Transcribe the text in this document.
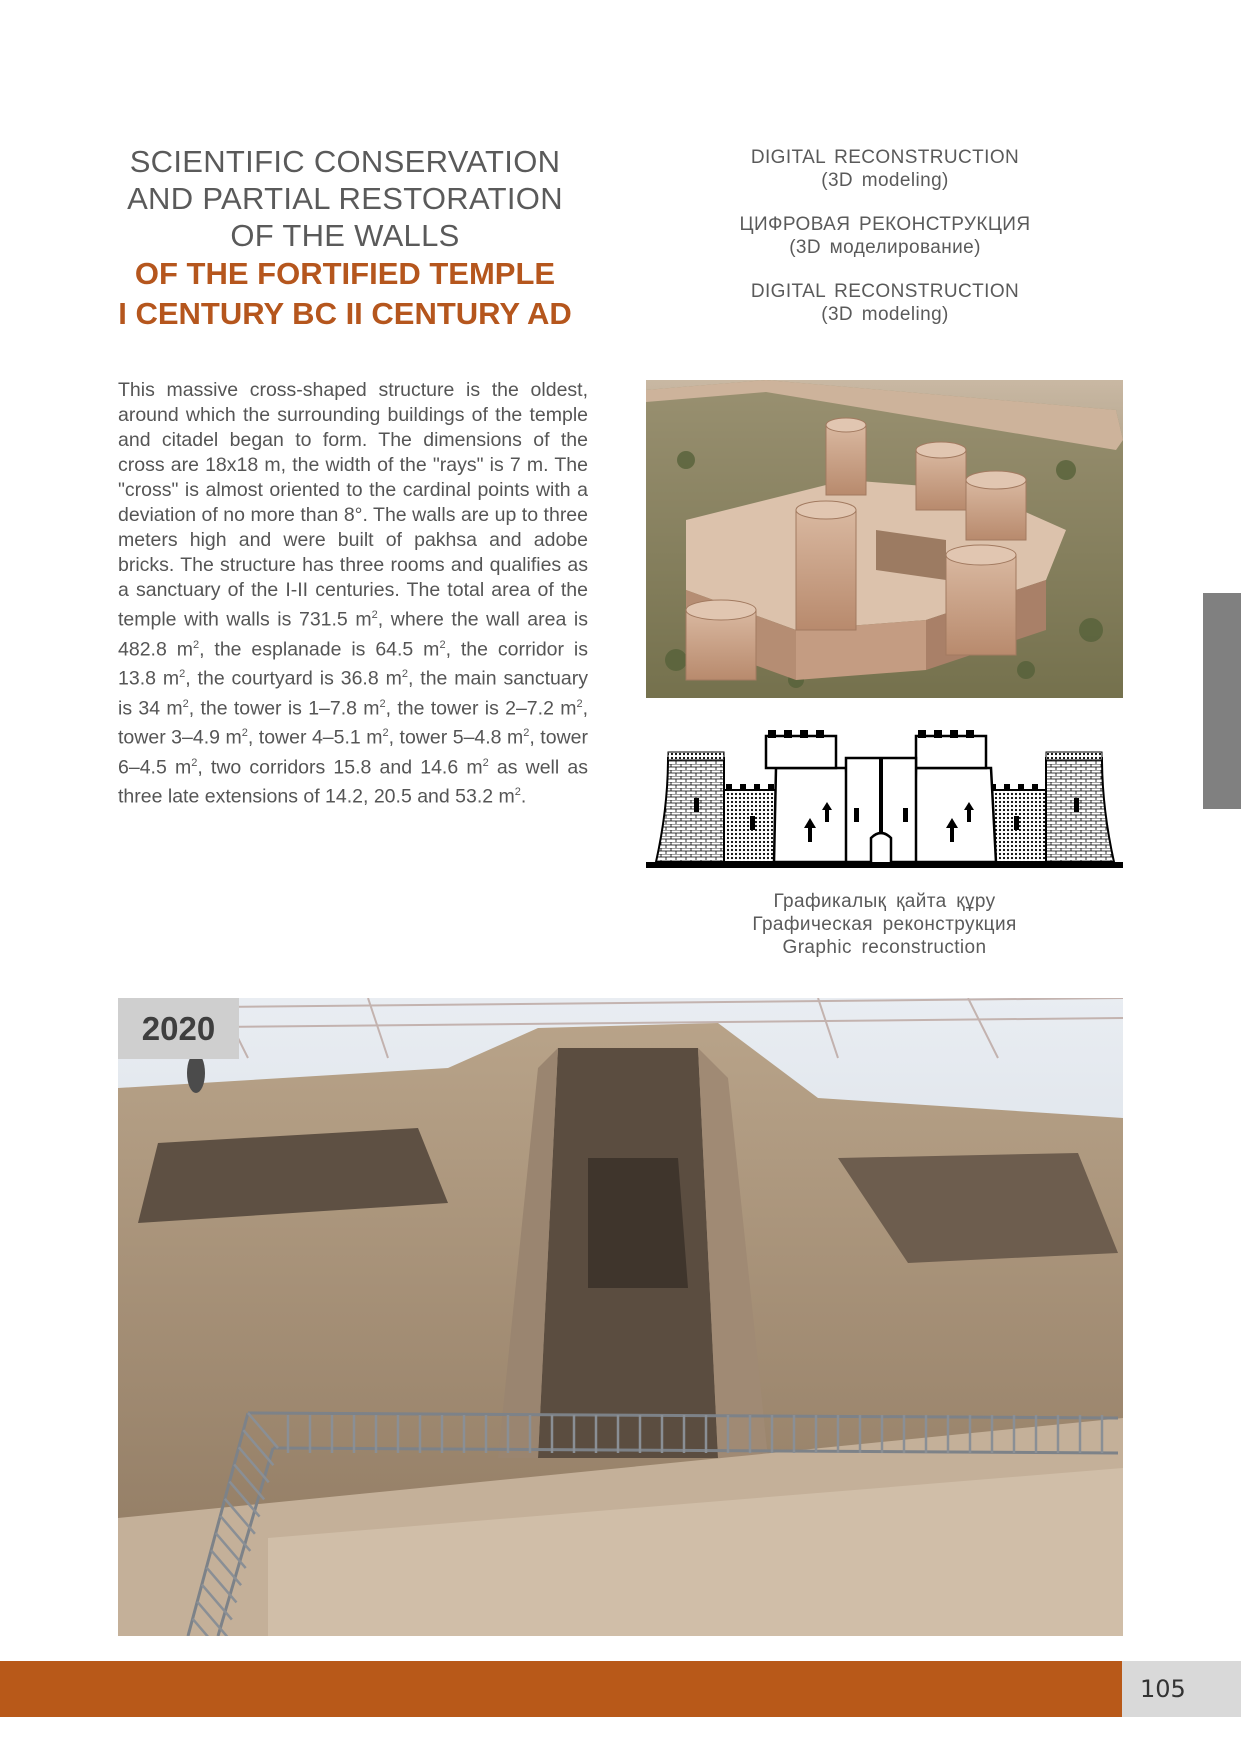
SCIENTIFIC CONSERVATION
AND PARTIAL RESTORATION
OF THE WALLS
OF THE FORTIFIED TEMPLE
I CENTURY BC II CENTURY AD
DIGITAL RECONSTRUCTION
(3D modeling)
ЦИФРОВАЯ РЕКОНСТРУКЦИЯ
(3D моделирование)
DIGITAL RECONSTRUCTION
(3D modeling)
This massive cross-shaped structure is the oldest, around which the surrounding buildings of the temple and citadel began to form. The dimensions of the cross are 18x18 m, the width of the "rays" is 7 m. The "cross" is almost oriented to the cardinal points with a deviation of no more than 8°. The walls are up to three meters high and were built of pakhsa and adobe bricks. The structure has three rooms and qualifies as a sanctuary of the I-II centuries. The total area of the temple with walls is 731.5 $m^2$, where the wall area is 482.8 $m^2$, the esplanade is 64.5 $m^2$, the corridor is 13.8 $m^2$, the courtyard is 36.8 $m^2$, the main sanctuary is 34 $m^2$, the tower is 1–7.8 $m^2$, the tower is 2–7.2 $m^2$, tower 3–4.9 $m^2$, tower 4–5.1 $m^2$, tower 5–4.8 $m^2$, tower 6–4.5 $m^2$, two corridors 15.8 and 14.6 $m^2$ as well as three late extensions of 14.2, 20.5 and 53.2 $m^2$.
Графикалық қайта құру
Графическая реконструкция
Graphic reconstruction
2020
105
